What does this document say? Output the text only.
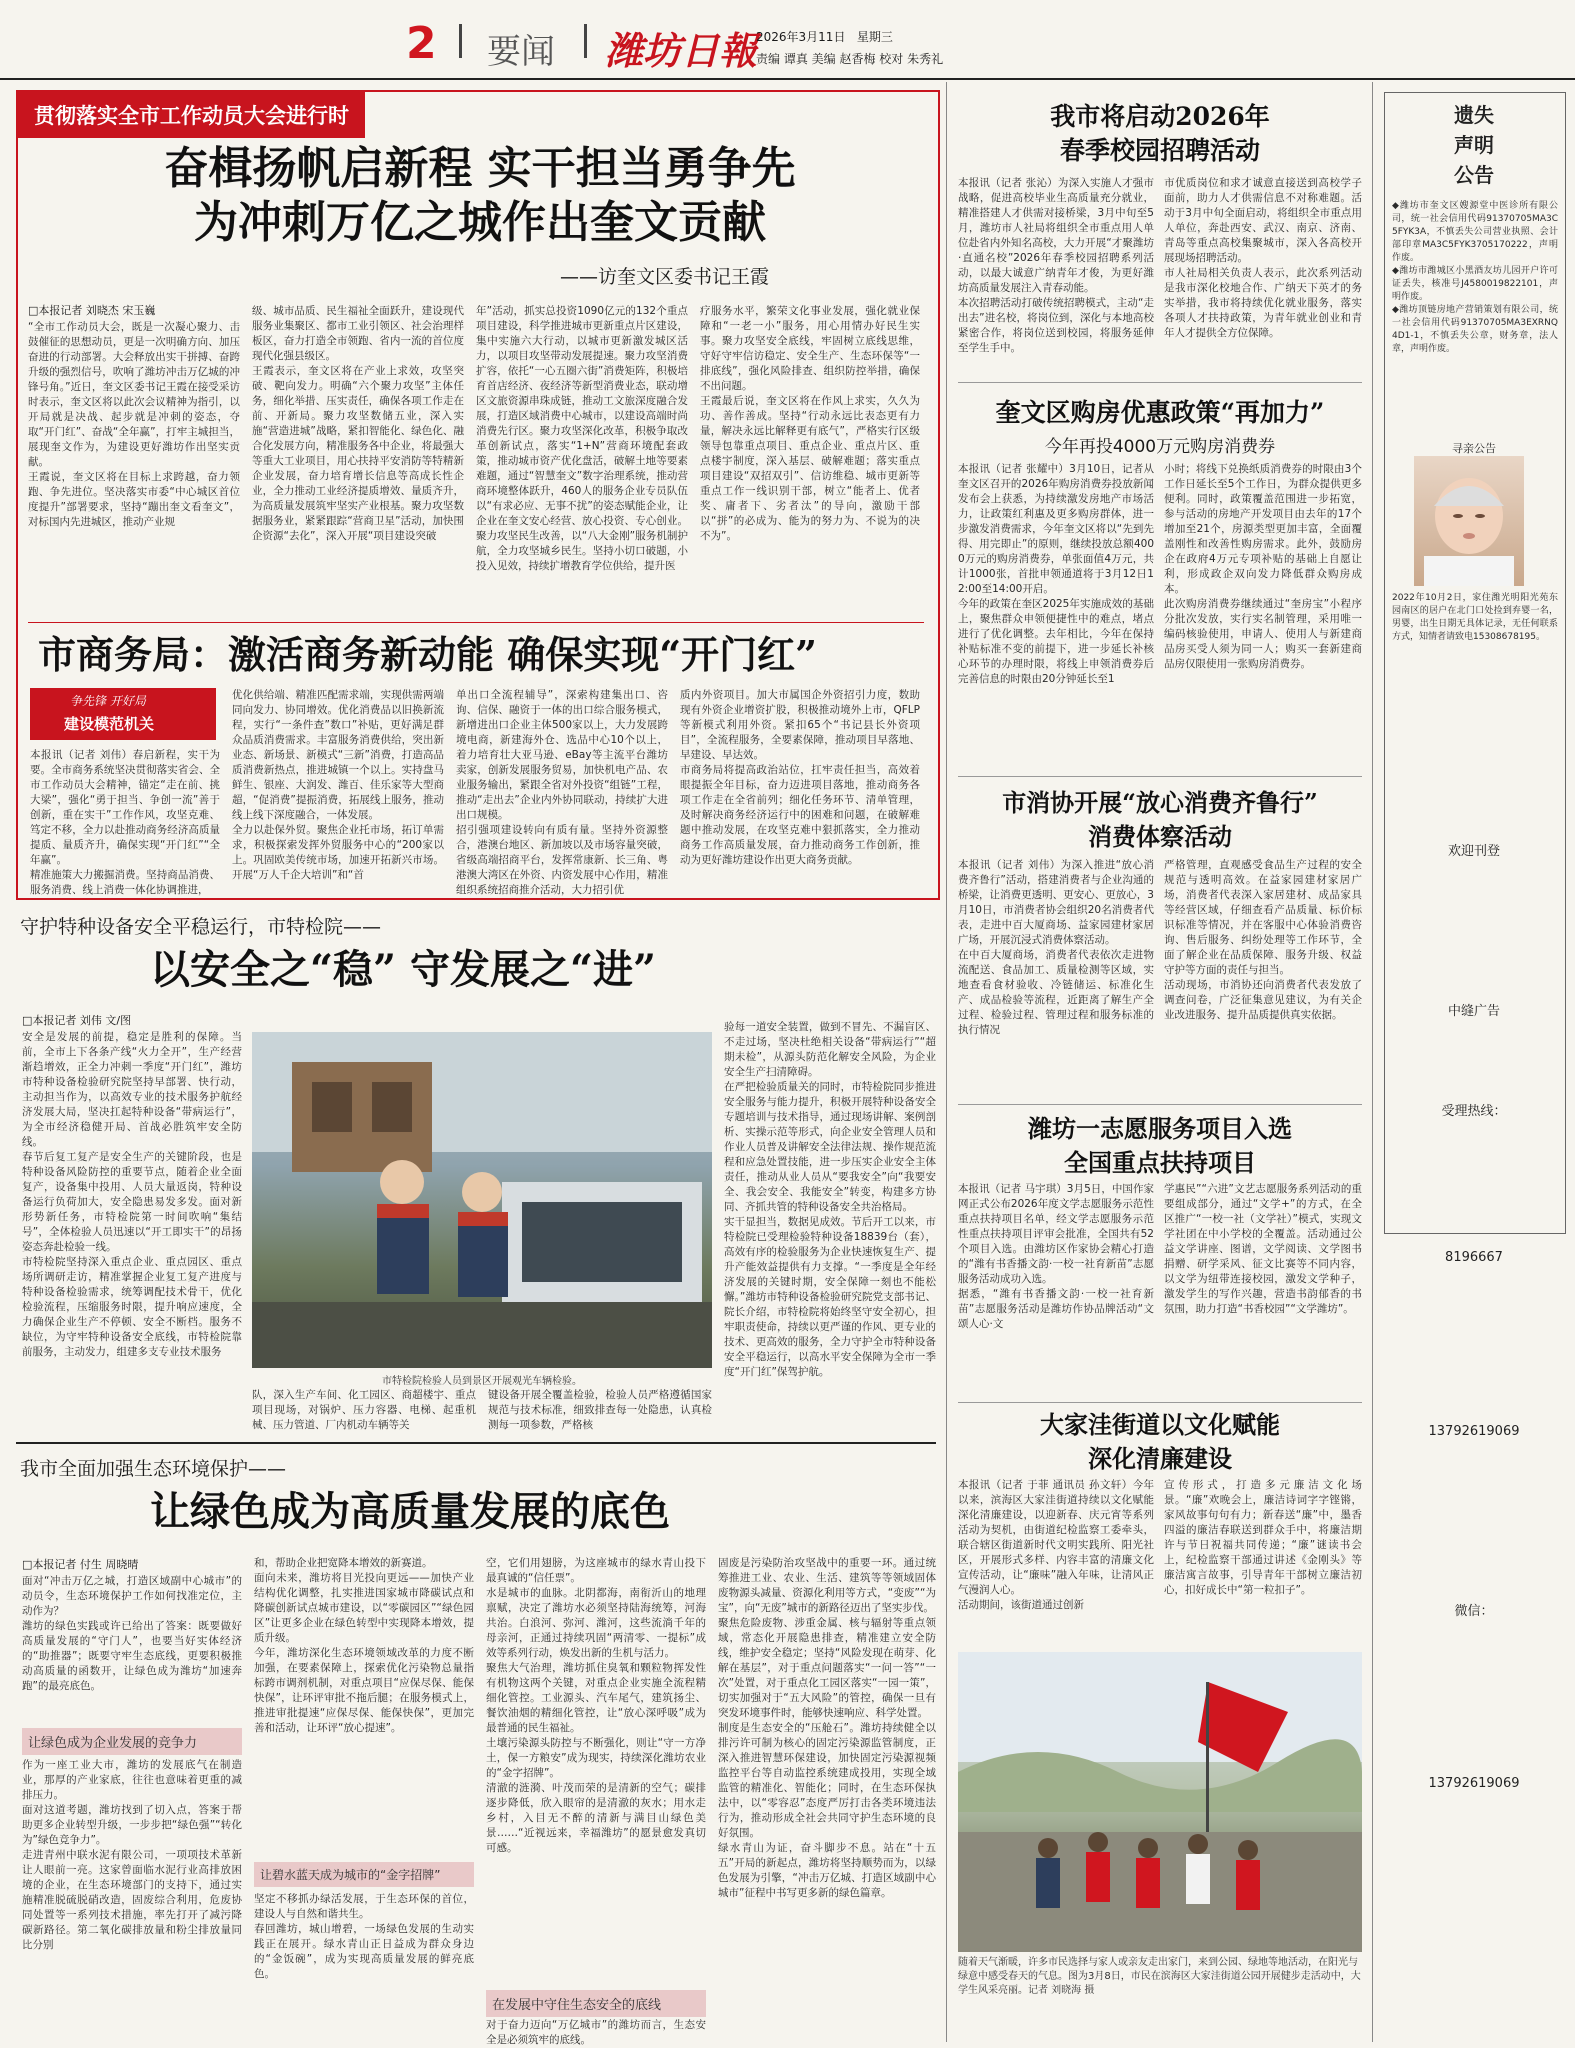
2 要闻 潍坊日報
2026年3月11日 星期三
责编 谭真 美编 赵香梅 校对 朱秀礼
贯彻落实全市工作动员大会进行时
奋楫扬帆启新程 实干担当勇争先
为冲刺万亿之城作出奎文贡献
——访奎文区委书记王霞
□本报记者 刘晓杰 宋玉巍
“全市工作动员大会，既是一次凝心聚力、击鼓催征的思想动员，更是一次明确方向、加压奋进的行动部署。大会释放出实干拼搏、奋跨升级的强烈信号，吹响了潍坊冲击万亿城的冲锋号角。”近日，奎文区委书记王霞在接受采访时表示，奎文区将以此次会议精神为指引，以开局就是决战、起步就是冲刺的姿态，夺取“开门红”、奋战“全年赢”，打牢主城担当，展现奎文作为，为建设更好潍坊作出坚实贡献。
王霞说，奎文区将在目标上求跨越，奋力领跑、争先进位。坚决落实市委“中心城区首位度提升”部署要求，坚持“蹦出奎文看奎文”，对标国内先进城区，推动产业规
级、城市品质、民生福祉全面跃升，建设现代服务业集聚区、都市工业引领区、社会治理样板区，奋力打造全市领跑、省内一流的首位度现代化强县级区。
王霞表示，奎文区将在产业上求效，攻坚突破、靶向发力。明确“六个聚力攻坚”主体任务，细化举措、压实责任，确保各项工作走在前、开新局。聚力攻坚数储五业，深入实施“营造进城”战略，紧扣智能化、绿色化、融合化发展方向，精准服务各中企业，将最强大等重大工业项目，用心扶持平安消防等特精新企业发展，奋力培育增长信息等高成长性企业，全力推动工业经济提质增效、量质齐升，为高质量发展筑牢坚实产业根基。聚力攻坚数据服务业，紧紧跟踪“营商卫星”活动，加快围企资源“去化”，深入开展“项目建设突破
年”活动，抓实总投资1090亿元的132个重点项目建设，科学推进城市更新重点片区建设，集中实施六大行动，以城市更新激发城区活力，以项目攻坚带动发展提速。聚力攻坚消费扩容，依托“一心五圈六街”消费矩阵，积极培育首店经济、夜经济等新型消费业态，联动增区文旅资源串珠成链，推动工文旅深度融合发展，打造区域消费中心城市，以建设高端时尚消费先行区。聚力攻坚深化改革，积极争取改革创新试点，落实“1+N”营商环境配套政策，推动城市资产优化盘活，破解土地等要素难题，通过“智慧奎文”数字治理系统，推动营商环境整体跃升，460人的服务企业专员队伍以“有求必应、无事不扰”的姿态赋能企业，让企业在奎文安心经营、放心投资、专心创业。聚力攻坚民生改善，以“八大金刚”服务机制护航，全力攻坚城乡民生。坚持小切口破题，小投入见效，持续扩增教育学位供给，提升医
疗服务水平，繁荣文化事业发展，强化就业保障和“一老一小”服务，用心用情办好民生实事。聚力攻坚安全底线，牢固树立底线思维，守好守牢信访稳定、安全生产、生态环保等“一排底线”，强化风险排查、组织防控举措，确保不出问题。
王霞最后说，奎文区将在作风上求实，久久为功、善作善成。坚持“行动永远比表态更有力量，解决永远比解释更有底气”，严格实行区级领导包靠重点项目、重点企业、重点片区、重点楼宇制度，深入基层、破解难题；落实重点项目建设“双招双引”、信访维稳、城市更新等重点工作一线识别干部，树立“能者上、优者奖、庸者下、劣者汰”的导向，激励干部以“拼”的必成为、能为的努力为、不说为的决不为”。
市商务局：激活商务新动能 确保实现“开门红”
争先锋 开好局
建设模范机关
本报讯（记者 刘伟）春启新程，实干为要。全市商务系统坚决贯彻落实省会、全市工作动员大会精神，锚定“走在前、挑大梁”，强化“勇于担当、争创一流”善于创新，重在实干”工作作风，攻坚克难、笃定不移，全力以赴推动商务经济高质量提质、量质齐升，确保实现“开门红”“全年赢”。
精准施策大力搬掘消费。坚持商品消费、服务消费、线上消费一体化协调推进，
优化供给端、精准匹配需求端，实现供需两端同向发力、协同增效。优化消费品以旧换新流程，实行“一条件查”数口”补贴，更好满足群众品质消费需求。丰富服务消费供给，突出新业态、新场景、新模式“三新”消费，打造高品质消费新热点，推进城镇一个以上。实持盘马鲜生、银座、大润发、潍百、佳乐家等大型商超，“促消费”提振消费，拓展线上服务，推动线上线下深度融合，一体发展。
全力以赴保外贸。聚焦企业托市场，拓订单需求，积极探索发挥外贸服务中心的“200家以上。巩固欧美传统市场，加速开拓新兴市场。开展“万人千企大培训”和“首
单出口全流程辅导”，深索构建集出口、咨询、信保、融资于一体的出口综合服务模式，新增进出口企业主体500家以上，大力发展跨境电商，新建海外仓、选品中心10个以上，着力培育壮大亚马逊、eBay等主流平台潍坊卖家，创新发展服务贸易，加快机电产品、农业服务输出，紧跟全省对外投资“组链”工程，推动“走出去”企业内外协同联动，持续扩大进出口规模。
招引强项建设转向有质有量。坚持外资源整合，港澳台地区、新加坡以及市场容量突破，省级高端招商平台，发挥常康新、长三角、粤港澳大湾区在外资、内资发展中心作用，精准组织系统招商推介活动，大力招引优
质内外资项目。加大市属国企外资招引力度，数助现有外资企业增资扩股，积极推动境外上市，QFLP等新模式利用外资。紧扣65个“书记县长外资项目”，全流程服务，全要素保障，推动项目早落地、早建设、早达效。
市商务局将提高政治站位，扛牢责任担当，高效着眼提振全年目标，奋力迈进项目落地，推动商务各项工作走在全省前列；细化任务环节、清单管理，及时解决商务经济运行中的困难和问题，在破解难题中推动发展，在攻坚克难中狠抓落实，全力推动商务工作高质量发展，奋力推动商务工作创新，推动为更好潍坊建设作出更大商务贡献。
守护特种设备安全平稳运行，市特检院——
以安全之“稳” 守发展之“进”
□本报记者 刘伟 文/图
安全是发展的前提，稳定是胜利的保障。当前，全市上下各条产线“火力全开”，生产经营渐趋增效，正全力冲刺一季度“开门红”，潍坊市特种设备检验研究院坚持早部署、快行动，主动担当作为，以高效专业的技术服务护航经济发展大局，坚决扛起特种设备“带病运行”，为全市经济稳健开局、首战必胜筑牢安全防线。
春节后复工复产是安全生产的关键阶段，也是特种设备风险防控的重要节点，随着企业全面复产，设备集中投用、人员大量返岗，特种设备运行负荷加大，安全隐患易发多发。面对新形势新任务，市特检院第一时间吹响“集结号”，全体检验人员迅速以“开工即实干”的昂扬姿态奔赴检验一线。
市特检院坚持深入重点企业、重点园区、重点场所调研走访，精准掌握企业复工复产进度与特种设备检验需求，统筹调配技术骨干，优化检验流程，压缩服务时限，提升响应速度，全力确保企业生产不停顿、安全不断档。服务不缺位，为守牢特种设备安全底线，市特检院靠前服务，主动发力，组建多支专业技术服务
市特检院检验人员到景区开展观光车辆检验。
队，深入生产车间、化工园区、商超楼宇、重点项目现场，对锅炉、压力容器、电梯、起重机械、压力管道、厂内机动车辆等关
键设备开展全覆盖检验，检验人员严格遵循国家规范与技术标准，细致排查每一处隐患，认真检测每一项参数，严格核
验每一道安全装置，做到不冒先、不漏盲区、不走过场，坚决杜绝相关设备“带病运行”“超期未检”，从源头防范化解安全风险，为企业安全生产扫清障碍。
在严把检验质量关的同时，市特检院同步推进安全服务与能力提升，积极开展特种设备安全专题培训与技术指导，通过现场讲解、案例剖析、实操示范等形式，向企业安全管理人员和作业人员普及讲解安全法律法规、操作规范流程和应急处置技能，进一步压实企业安全主体责任，推动从业人员从“要我安全”向“我要安全、我会安全、我能安全”转变，构建多方协同、齐抓共管的特种设备安全共治格局。
实干显担当，数据见成效。节后开工以来，市特检院已受理检验特种设备18839台（套），高效有序的检验服务为企业快速恢复生产、提升产能效益提供有力支撑。“一季度是全年经济发展的关键时期，安全保障一刻也不能松懈。”潍坊市特种设备检验研究院党支部书记、院长介绍，市特检院将始终坚守安全初心，担牢职责使命，持续以更严谨的作风、更专业的技术、更高效的服务，全力守护全市特种设备安全平稳运行，以高水平安全保障为全市一季度“开门红”保驾护航。
我市全面加强生态环境保护——
让绿色成为高质量发展的底色
□本报记者 付生 周晓晴
面对“冲击万亿之城，打造区域副中心城市”的动员令，生态环境保护工作如何找准定位，主动作为？
潍坊的绿色实践或许已给出了答案：既要做好高质量发展的“守门人”，也要当好实体经济的“助推器”；既要守牢生态底线，更要积极推动高质量的函数开，让绿色成为潍坊“加速奔跑”的最亮底色。
让绿色成为企业发展的竞争力
作为一座工业大市，潍坊的发展底气在制造业，那厚的产业家底，往往也意味着更重的减排压力。
面对这道考题，潍坊找到了切入点，答案于帮助更多企业转型升级，一步步把“绿色强”“转化为”绿色竞争力”。
走进青州中联水泥有限公司，一项项技术革新让人眼前一亮。这家曾面临水泥行业高排放困境的企业，在生态环境部门的支持下，通过实施精准脱硫脱硝改造，固废综合利用，危废协同处置等一系列技术措施，率先打开了减污降碳新路径。第二氧化碳排放量和粉尘排放量同比分别
和，帮助企业把宽降本增效的新赛道。
面向未来，潍坊将目光投向更远——加快产业结构优化调整，扎实推进国家城市降碳试点和降碳创新试点城市建设，以“零碳园区”“绿色园区”让更多企业在绿色转型中实现降本增效，提质升级。
今年，潍坊深化生态环境领域改革的力度不断加强，在要素保障上，探索优化污染物总量指标跨市调剂机制，对重点项目“应保尽保、能保快保”，让环评审批不拖后腿；在服务模式上，推进审批提速“应保尽保、能保快保”，更加完善和活动，让环评“放心提速”。
让碧水蓝天成为城市的“金字招牌”
坚定不移抓办绿活发展，于生态环保的首位，建设人与自然和谐共生。
春回潍坊，城山增碧，一场绿色发展的生动实践正在展开。绿水青山正日益成为群众身边的“金饭碗”，成为实现高质量发展的鲜亮底色。
空，它们用翅膀，为这座城市的绿水青山投下最真诚的“信任票”。
水是城市的血脉。北阴都海，南衔沂山的地理禀赋，决定了潍坊水必须坚持陆海统筹，河海共治。白浪河、弥河、潍河，这些流淌千年的母亲河，正通过持续巩固“两清零、一提标”成效等系列行动，焕发出新的生机与活力。
聚焦大气治理，潍坊抓住臭氧和颗粒物挥发性有机物这两个关键，对重点企业实施全流程精细化管控。工业源头、汽车尾气，建筑扬尘、餐饮油烟的精细化管控，让“放心深呼吸”成为最普通的民生福祉。
土壤污染源头防控与不断强化，则让“守一方净土，保一方粮安”成为现实，持续深化潍坊农业的“金字招牌”。
清澈的涟漪、叶茂而荣的是清新的空气；碳排逐步降低，欣入眼帘的是清澈的灰水；用水走乡村，入目无不醉的清新与满目山绿色美景……“近视远来，幸福潍坊”的愿景愈发真切可感。
在发展中守住生态安全的底线
对于奋力迈向“万亿城市”的潍坊而言，生态安全是必须筑牢的底线。
固废是污染防治攻坚战中的重要一环。通过统筹推进工业、农业、生活、建筑等等领域固体废物源头减量、资源化利用等方式，“变废”“为宝”，向“无废”城市的新路径迈出了坚实步伐。
聚焦危险废物、涉重金属、核与辐射等重点领域，常态化开展隐患排查，精准建立安全防线，维护安全稳定；坚持“风险发现在萌芽、化解在基层”，对于重点问题落实“一问一答”“一次”处置，对于重点化工园区落实“一园一策”，切实加强对于“五大风险”的管控，确保一旦有突发环境事件时，能够快速响应、科学处置。
制度是生态安全的“压舱石”。潍坊持续健全以排污许可制为核心的固定污染源监管制度，正深入推进智慧环保建设，加快固定污染源视频监控平台等自动监控系统建成投用，实现全域监管的精准化、智能化；同时，在生态环保执法中，以“零容忍”态度严厉打击各类环境违法行为，推动形成全社会共同守护生态环境的良好氛围。
绿水青山为证，奋斗脚步不息。站在“十五五”开局的新起点，潍坊将坚持顺势而为，以绿色发展为引擎，“冲击万亿城、打造区域副中心城市”征程中书写更多新的绿色篇章。
我市将启动2026年
春季校园招聘活动
本报讯（记者 张沁）为深入实施人才强市战略，促进高校毕业生高质量充分就业，精准搭建人才供需对接桥梁，3月中旬至5月，潍坊市人社局将组织全市重点用人单位赴省内外知名高校，大力开展“才聚潍坊·直通名校”2026年春季校园招聘系列活动，以最大诚意广纳青年才俊，为更好潍坊高质量发展注入青春动能。
本次招聘活动打破传统招聘模式，主动“走出去”进名校，将岗位到，深化与本地高校紧密合作，将岗位送到校园，将服务延伸至学生手中。
市优质岗位和求才诚意直接送到高校学子面前，助力人才供需信息不对称难题。活动于3月中旬全面启动，将组织全市重点用人单位，奔赴西安、武汉、南京、济南、青岛等重点高校集聚城市，深入各高校开展现场招聘活动。
市人社局相关负责人表示，此次系列活动是我市深化校地合作、广纳天下英才的务实举措，我市将持续优化就业服务，落实各项人才扶持政策，为青年就业创业和青年人才提供全方位保障。
奎文区购房优惠政策“再加力”
今年再投4000万元购房消费券
本报讯（记者 张耀中）3月10日，记者从奎文区召开的2026年购房消费券投放新闻发布会上获悉，为持续激发房地产市场活力，让政策红利惠及更多购房群体，进一步激发消费需求，今年奎文区将以“先到先得、用完即止”的原则，继续投放总额4000万元的购房消费券，单张面值4万元，共计1000张，首批申领通道将于3月12日12:00至14:00开启。
今年的政策在奎区2025年实施成效的基础上，聚焦群众申领便捷性中的难点，堵点进行了优化调整。去年相比，今年在保持补贴标准不变的前提下，进一步延长补核心环节的办理时限，将线上申领消费券后完善信息的时限由20分钟延长至1
小时；将线下兑换纸质消费券的时限由3个工作日延长至5个工作日，为群众提供更多便利。同时，政策覆盖范围进一步拓宽，参与活动的房地产开发项目由去年的17个增加至21个，房源类型更加丰富，全面覆盖刚性和改善性购房需求。此外，鼓励房企在政府4万元专项补贴的基础上自愿让利，形成政企双向发力降低群众购房成本。
此次购房消费券继续通过“奎房宝”小程序分批次发放，实行实名制管理，采用唯一编码核验使用，申请人、使用人与新建商品房买受人须为同一人；购买一套新建商品房仅限使用一张购房消费券。
市消协开展“放心消费齐鲁行”
消费体察活动
本报讯（记者 刘伟）为深入推进“放心消费齐鲁行”活动，搭建消费者与企业沟通的桥梁，让消费更透明、更安心、更放心，3月10日，市消费者协会组织20名消费者代表，走进中百大厦商场、益家园建材家居广场，开展沉浸式消费体察活动。
在中百大厦商场，消费者代表依次走进物流配送、食品加工、质量检测等区域，实地查看食材验收、冷链储运、标准化生产、成品检验等流程，近距离了解生产全过程、检验过程、管理过程和服务标准的执行情况
严格管理，直观感受食品生产过程的安全规范与透明高效。在益家园建材家居广场，消费者代表深入家居建材、成品家具等经营区域，仔细查看产品质量、标价标识标准等情况，并在客服中心体验消费咨询、售后服务、纠纷处理等工作环节，全面了解企业在品质保障、服务升级、权益守护等方面的责任与担当。
活动现场，市消协还向消费者代表发放了调查问卷，广泛征集意见建议，为有关企业改进服务、提升品质提供真实依据。
潍坊一志愿服务项目入选
全国重点扶持项目
本报讯（记者 马宇琪）3月5日，中国作家网正式公布2026年度文学志愿服务示范性重点扶持项目名单，经文学志愿服务示范性重点扶持项目评审会批准，全国共有52个项目入选。由潍坊区作家协会精心打造的“潍有书香播文韵·一校一社育新苗”志愿服务活动成功入选。
据悉，“潍有书香播文韵·一校一社育新苗”志愿服务活动是潍坊作协品牌活动“文颂人心·文
学惠民”“六进”文艺志愿服务系列活动的重要组成部分，通过“文学+”的方式，在全区推广“一校一社（文学社）”模式，实现文学社团在中小学校的全覆盖。活动通过公益文学讲座、图谱，文学阅读、文学图书捐赠、研学采风、征文比赛等不同内容，以文学为纽带连接校园，激发文学种子，激发学生的写作兴趣，营造书韵郁香的书氛围，助力打造“书香校园”“文学潍坊”。
大家洼街道以文化赋能
深化清廉建设
本报讯（记者 于菲 通讯员 孙文轩）今年以来，滨海区大家洼街道持续以文化赋能深化清廉建设，以迎新春、庆元宵等系列活动为契机，由街道纪检监察工委牵头，联合辖区街道新时代文明实践所、阳光社区，开展形式多样、内容丰富的清廉文化宣传活动，让“廉味”融入年味，让清风正气漫润人心。
活动期间，该街道通过创新
宣传形式，打造多元廉洁文化场景。“廉”欢晚会上，廉洁诗词字字铿锵，家风故事句句有力；新春送“廉”中，墨香四溢的廉洁春联送到群众手中，将廉洁期许与节日祝福共同传递；“廉”谜读书会上，纪检监察干部通过讲述《金刚头》等廉洁寓言故事，引导青年干部树立廉洁初心，扣好成长中“第一粒扣子”。
随着天气渐暖，许多市民选择与家人或亲友走出家门，来到公园、绿地等地活动，在阳光与绿意中感受春天的气息。图为3月8日，市民在滨海区大家洼街道公园开展健步走活动中，大学生风采亮丽。记者 刘晓海 摄
遗失
声明
公告
◆潍坊市奎文区嫂源堂中医诊所有限公司，统一社会信用代码91370705MA3C5FYK3A，不慎丢失公司营业执照、会计部印章MA3C5FYK3705170222，声明作废。
◆潍坊市潍城区小黑酒友坊儿园开户许可证丢失，核准号J4580019822101，声明作废。
◆潍坊顶链房地产营销策划有限公司，统一社会信用代码91370705MA3EXRNQ4D1-1，不慎丢失公章，财务章，法人章，声明作废。
寻亲公告
2022年10月2日，家住潍光明阳光苑东园南区的居户在北门口处捡到弃婴一名，男婴，出生日期无具体记录，无任何联系方式，知情者请致电15308678195。
欢迎刊登
中缝广告
受理热线：
8196667
13792619069
微信：
13792619069
